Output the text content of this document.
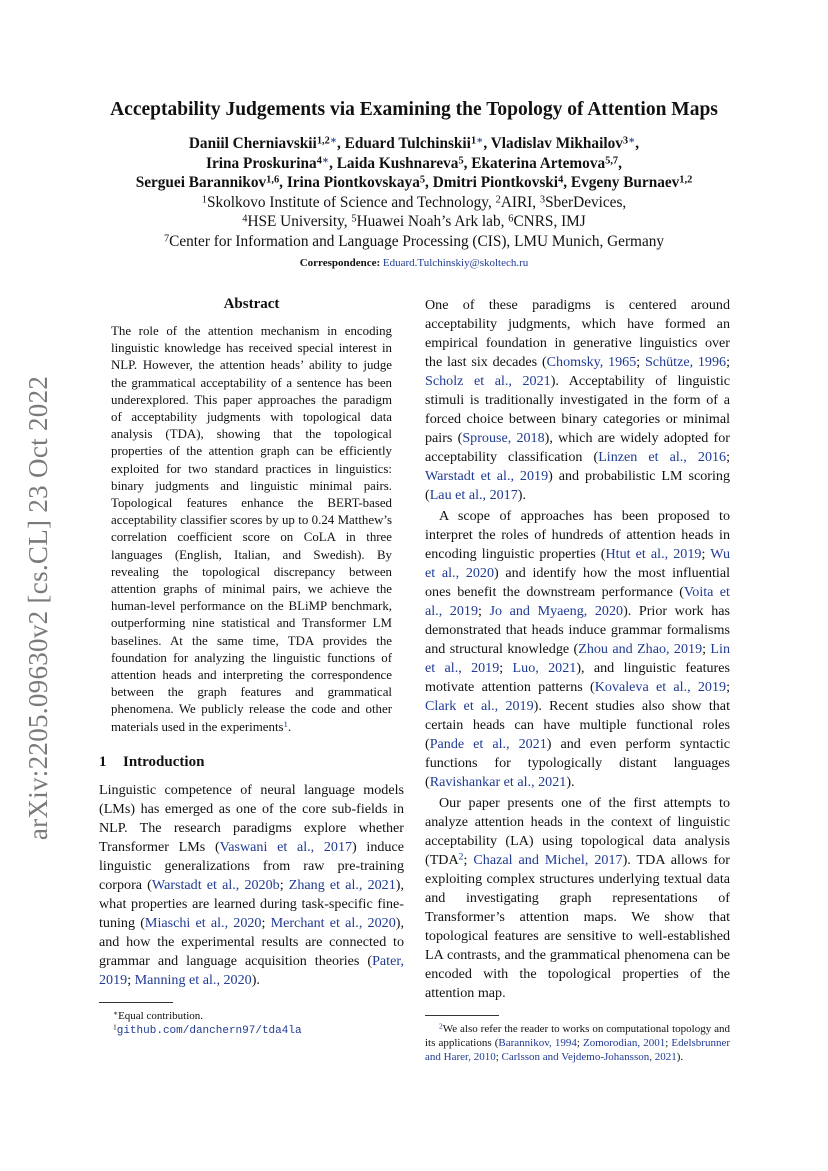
arXiv:2205.09630v2 [cs.CL] 23 Oct 2022
Acceptability Judgements via Examining the Topology of Attention Maps
Daniil Cherniavskii$^{1,2∗}$, Eduard Tulchinskii$^{1∗}$, Vladislav Mikhailov$^{3∗}$,
Irina Proskurina$^{4∗}$, Laida Kushnareva$^5$, Ekaterina Artemova$^{5,7}$,
Serguei Barannikov$^{1,6}$, Irina Piontkovskaya$^5$, Dmitri Piontkovski$^4$, Evgeny Burnaev$^{1,2}$
$^1$Skolkovo Institute of Science and Technology, $^2$AIRI, $^3$SberDevices,
$^4$HSE University, $^5$Huawei Noah’s Ark lab, $^6$CNRS, IMJ
$^7$Center for Information and Language Processing (CIS), LMU Munich, Germany
Correspondence: Eduard.Tulchinskiy@skoltech.ru
Abstract
The role of the attention mechanism in encoding linguistic knowledge has received special interest in NLP. However, the attention heads’ ability to judge the grammatical acceptability of a sentence has been underexplored. This paper approaches the paradigm of acceptability judgments with topological data analysis (TDA), showing that the topological properties of the attention graph can be efficiently exploited for two standard practices in linguistics: binary judgments and linguistic minimal pairs. Topological features enhance the BERT-based acceptability classifier scores by up to 0.24 Matthew’s correlation coefficient score on CoLA in three languages (English, Italian, and Swedish). By revealing the topological discrepancy between attention graphs of minimal pairs, we achieve the human-level performance on the BLiMP benchmark, outperforming nine statistical and Transformer LM baselines. At the same time, TDA provides the foundation for analyzing the linguistic functions of attention heads and interpreting the correspondence between the graph features and grammatical phenomena. We publicly release the code and other materials used in the experiments$^1$.
1 Introduction

Linguistic competence of neural language models (LMs) has emerged as one of the core sub-fields in NLP. The research paradigms explore whether Transformer LMs (Vaswani et al., 2017) induce linguistic generalizations from raw pre-training corpora (Warstadt et al., 2020b; Zhang et al., 2021), what properties are learned during task-specific fine-tuning (Miaschi et al., 2020; Merchant et al., 2020), and how the experimental results are connected to grammar and language acquisition theories (Pater, 2019; Manning et al., 2020).

∗Equal contribution.

$^1$github.com/danchern97/tda4la

One of these paradigms is centered around acceptability judgments, which have formed an empirical foundation in generative linguistics over the last six decades (Chomsky, 1965; Schütze, 1996; Scholz et al., 2021). Acceptability of linguistic stimuli is traditionally investigated in the form of a forced choice between binary categories or minimal pairs (Sprouse, 2018), which are widely adopted for acceptability classification (Linzen et al., 2016; Warstadt et al., 2019) and probabilistic LM scoring (Lau et al., 2017).

A scope of approaches has been proposed to interpret the roles of hundreds of attention heads in encoding linguistic properties (Htut et al., 2019; Wu et al., 2020) and identify how the most influential ones benefit the downstream performance (Voita et al., 2019; Jo and Myaeng, 2020). Prior work has demonstrated that heads induce grammar formalisms and structural knowledge (Zhou and Zhao, 2019; Lin et al., 2019; Luo, 2021), and linguistic features motivate attention patterns (Kovaleva et al., 2019; Clark et al., 2019). Recent studies also show that certain heads can have multiple functional roles (Pande et al., 2021) and even perform syntactic functions for typologically distant languages (Ravishankar et al., 2021).

Our paper presents one of the first attempts to analyze attention heads in the context of linguistic acceptability (LA) using topological data analysis (TDA$^2$; Chazal and Michel, 2017). TDA allows for exploiting complex structures underlying textual data and investigating graph representations of Transformer’s attention maps. We show that topological features are sensitive to well-established LA contrasts, and the grammatical phenomena can be encoded with the topological properties of the attention map.

$^2$We also refer the reader to works on computational topology and its applications (Barannikov, 1994; Zomorodian, 2001; Edelsbrunner and Harer, 2010; Carlsson and Vejdemo-Johansson, 2021).
